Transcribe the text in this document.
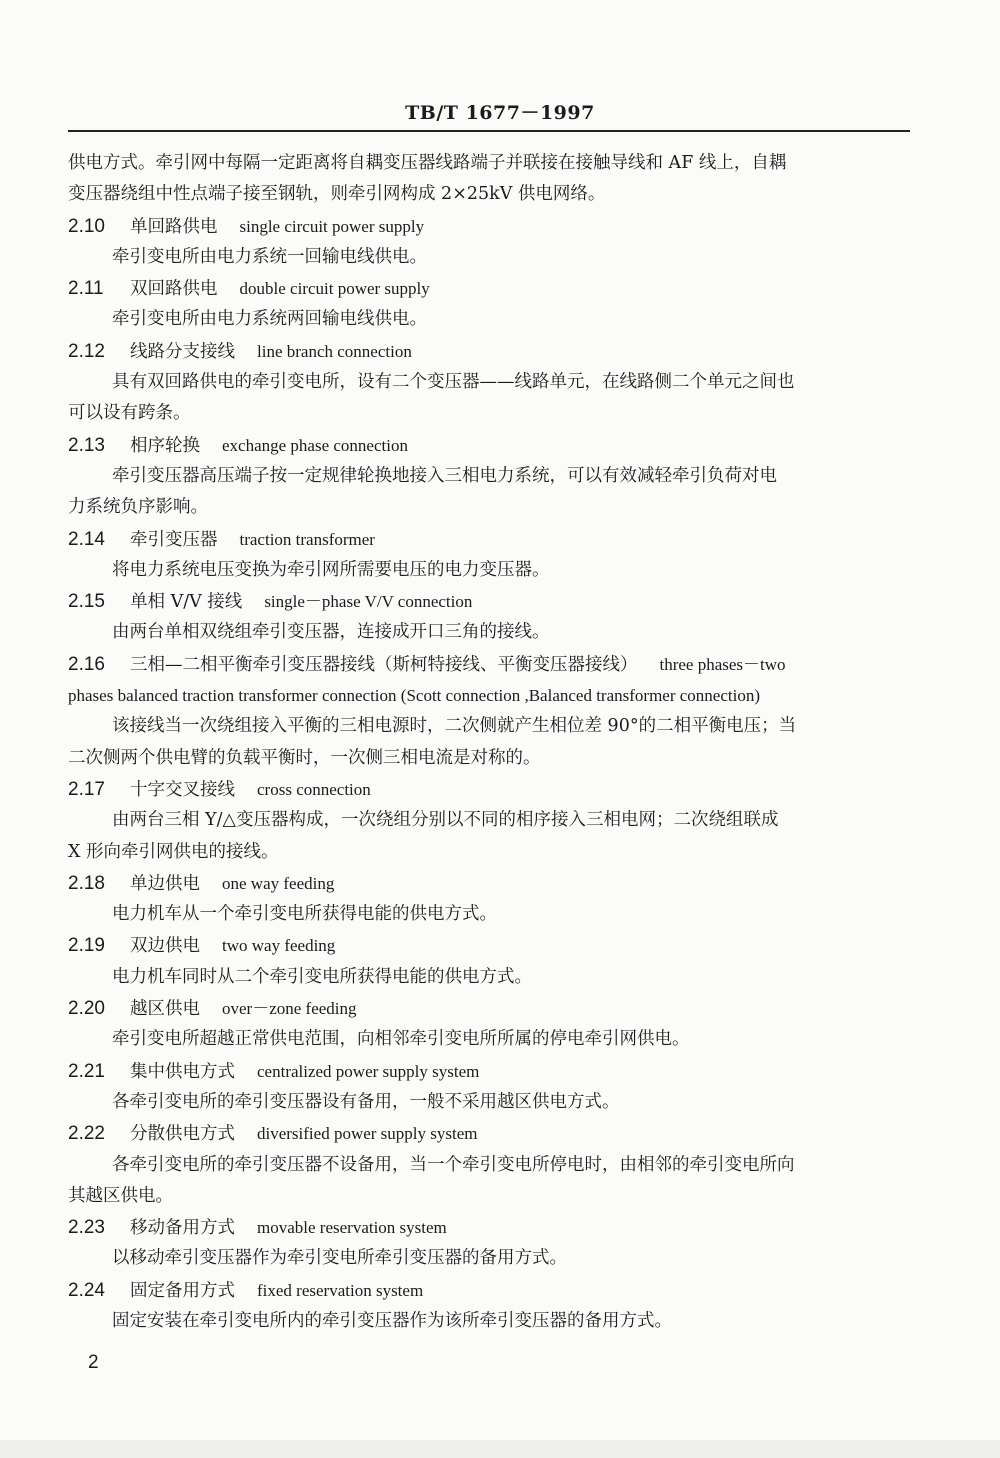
TB/T 1677－1997
供电方式。牵引网中每隔一定距离将自耦变压器线路端子并联接在接触导线和 AF 线上，自耦
变压器绕组中性点端子接至钢轨，则牵引网构成 2×25kV 供电网络。
2.10 单回路供电 single circuit power supply
牵引变电所由电力系统一回输电线供电。
2.11 双回路供电 double circuit power supply
牵引变电所由电力系统两回输电线供电。
2.12 线路分支接线 line branch connection
具有双回路供电的牵引变电所，设有二个变压器——线路单元，在线路侧二个单元之间也
可以设有跨条。
2.13 相序轮换 exchange phase connection
牵引变压器高压端子按一定规律轮换地接入三相电力系统，可以有效减轻牵引负荷对电
力系统负序影响。
2.14 牵引变压器 traction transformer
将电力系统电压变换为牵引网所需要电压的电力变压器。
2.15 单相 V/V 接线 single－phase V/V connection
由两台单相双绕组牵引变压器，连接成开口三角的接线。
2.16 三相—二相平衡牵引变压器接线（斯柯特接线、平衡变压器接线） three phases－two
phases balanced traction transformer connection (Scott connection ,Balanced transformer connection)
该接线当一次绕组接入平衡的三相电源时，二次侧就产生相位差 90°的二相平衡电压；当
二次侧两个供电臂的负载平衡时，一次侧三相电流是对称的。
2.17 十字交叉接线 cross connection
由两台三相 Y/△变压器构成，一次绕组分别以不同的相序接入三相电网；二次绕组联成
X 形向牵引网供电的接线。
2.18 单边供电 one way feeding
电力机车从一个牵引变电所获得电能的供电方式。
2.19 双边供电 two way feeding
电力机车同时从二个牵引变电所获得电能的供电方式。
2.20 越区供电 over－zone feeding
牵引变电所超越正常供电范围，向相邻牵引变电所所属的停电牵引网供电。
2.21 集中供电方式 centralized power supply system
各牵引变电所的牵引变压器设有备用，一般不采用越区供电方式。
2.22 分散供电方式 diversified power supply system
各牵引变电所的牵引变压器不设备用，当一个牵引变电所停电时，由相邻的牵引变电所向
其越区供电。
2.23 移动备用方式 movable reservation system
以移动牵引变压器作为牵引变电所牵引变压器的备用方式。
2.24 固定备用方式 fixed reservation system
固定安装在牵引变电所内的牵引变压器作为该所牵引变压器的备用方式。
2
